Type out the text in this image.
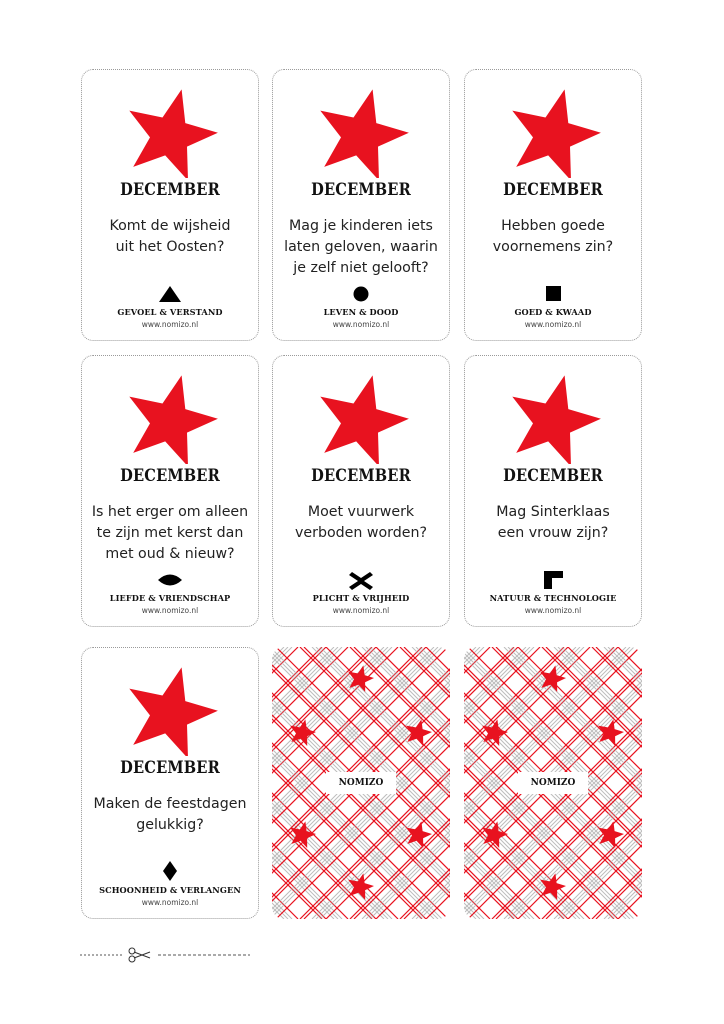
DECEMBER
Komt de wijsheid
uit het Oosten?
GEVOEL & VERSTAND
www.nomizo.nl
DECEMBER
Mag je kinderen iets
laten geloven, waarin
je zelf niet gelooft?
LEVEN & DOOD
www.nomizo.nl
DECEMBER
Hebben goede
voornemens zin?
GOED & KWAAD
www.nomizo.nl
DECEMBER
Is het erger om alleen
te zijn met kerst dan
met oud & nieuw?
LIEFDE & VRIENDSCHAP
www.nomizo.nl
DECEMBER
Moet vuurwerk
verboden worden?
PLICHT & VRIJHEID
www.nomizo.nl
DECEMBER
Mag Sinterklaas
een vrouw zijn?
NATUUR & TECHNOLOGIE
www.nomizo.nl
DECEMBER
Maken de feestdagen
gelukkig?
SCHOONHEID & VERLANGEN
www.nomizo.nl
NOMIZO	NOMIZO
